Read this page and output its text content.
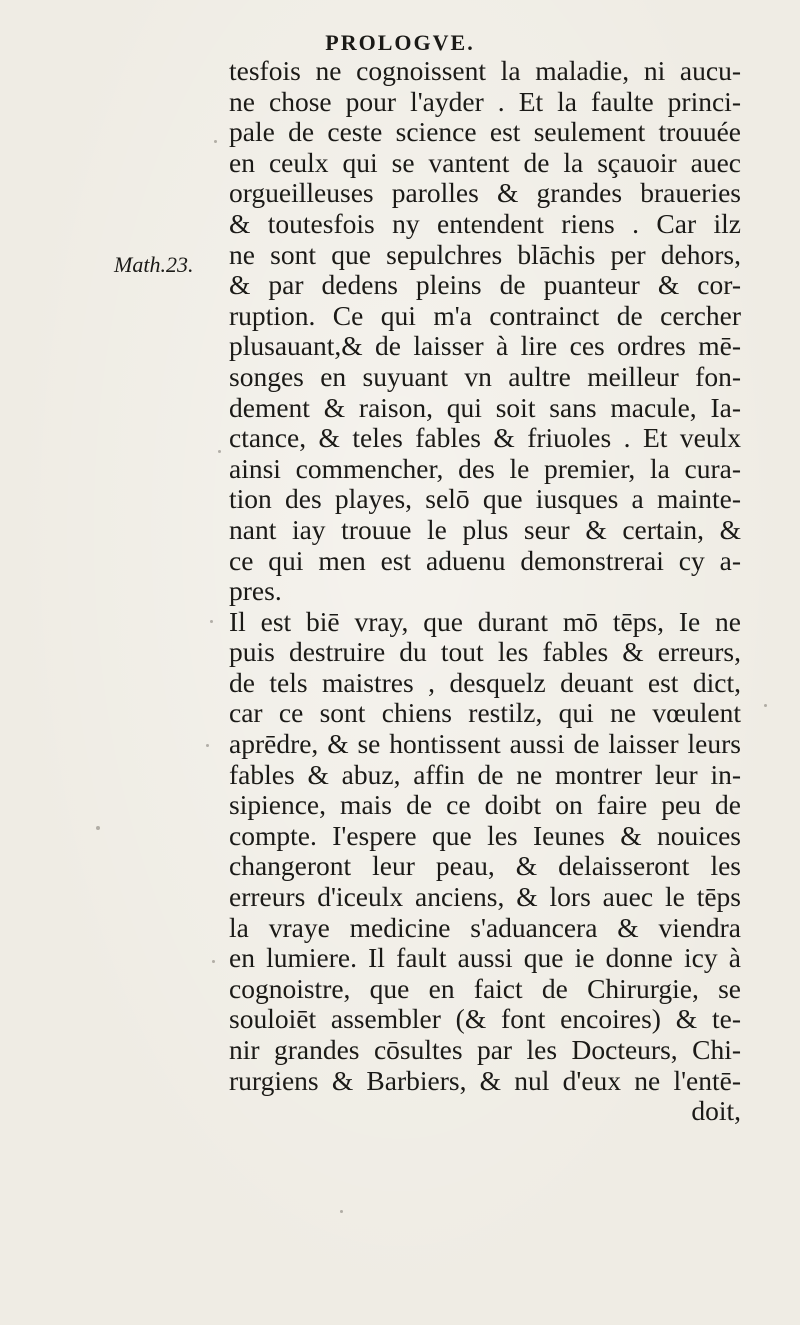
PROLOGVE.
Math.23.
tesfois ne cognoissent la maladie, ni aucu-
ne chose pour l'ayder . Et la faulte princi-
pale de ceste science est seulement trouuée
en ceulx qui se vantent de la sçauoir auec
orgueilleuses parolles & grandes braueries
& toutesfois ny entendent riens . Car ilz
ne sont que sepulchres blāchis per dehors,
& par dedens pleins de puanteur & cor-
ruption. Ce qui m'a contrainct de cercher
plusauant,& de laisser à lire ces ordres mē-
songes en suyuant vn aultre meilleur fon-
dement & raison, qui soit sans macule, Ia-
ctance, & teles fables & friuoles . Et veulx
ainsi commencher, des le premier, la cura-
tion des playes, selō que iusques a mainte-
nant iay trouue le plus seur & certain, &
ce qui men est aduenu demonstrerai cy a-
pres.
Il est biē vray, que durant mō tēps, Ie ne
puis destruire du tout les fables & erreurs,
de tels maistres , desquelz deuant est dict,
car ce sont chiens restilz, qui ne vœulent
aprēdre, & se hontissent aussi de laisser leurs
fables & abuz, affin de ne montrer leur in-
sipience, mais de ce doibt on faire peu de
compte. I'espere que les Ieunes & nouices
changeront leur peau, & delaisseront les
erreurs d'iceulx anciens, & lors auec le tēps
la vraye medicine s'aduancera & viendra
en lumiere. Il fault aussi que ie donne icy à
cognoistre, que en faict de Chirurgie, se
souloiēt assembler (& font encoires) & te-
nir grandes cōsultes par les Docteurs, Chi-
rurgiens & Barbiers, & nul d'eux ne l'entē-
doit,
